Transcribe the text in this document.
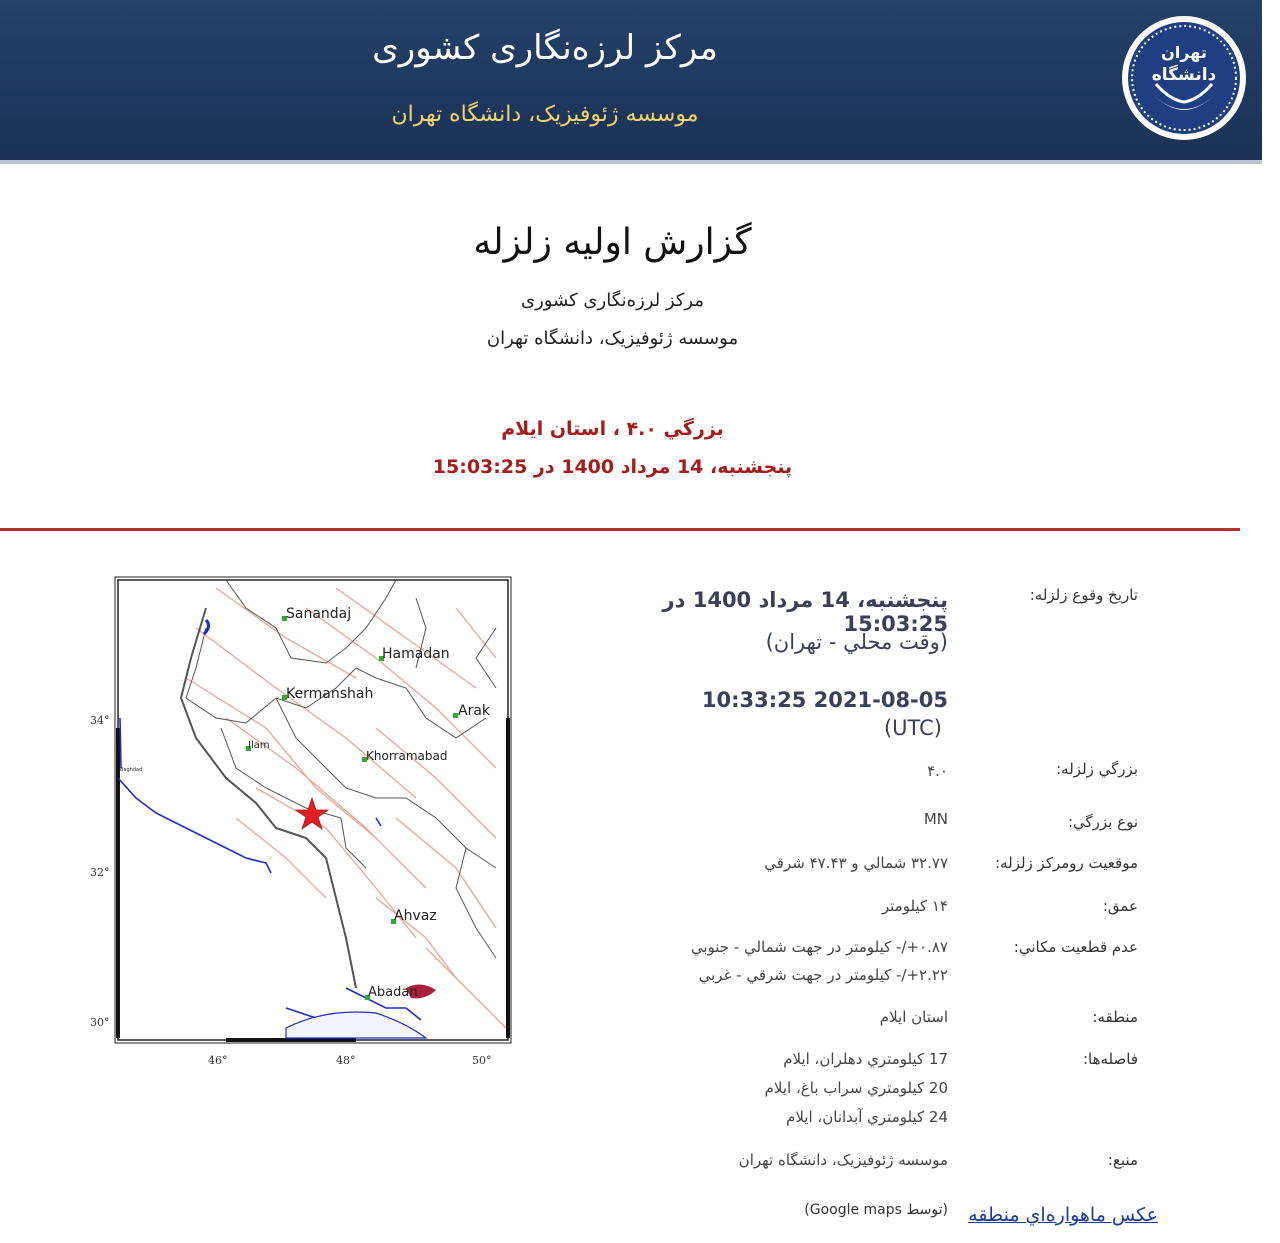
مرکز لرزه‌نگاری کشوری
موسسه ژئوفیزیک، دانشگاه تهران
تهران
دانشگاه
گزارش اولیه زلزله
مرکز لرزه‌نگاری کشوری
موسسه ژئوفیزیک، دانشگاه تهران
بزرگي ۴.۰ ، استان ايلام
پنجشنبه، 14 مرداد 1400 در 15:03:25
Sanandaj
Hamadan
Kermanshah
Arak
Ilam
Khorramabad
Ahvaz
Abadan
Baghdad
34°
32°
30°
46°	48°	50°
تاریخ وقوع زلزله:
پنجشنبه، 14 مرداد 1400 در 15:03:25
(وقت محلي - تهران)
2021-08-05 10:33:25
(UTC)
بزرگي زلزله:
۴.۰
نوع بزرگي:
MN
موقعيت رومرکز زلزله:
۳۲.۷۷ شمالي و ۴۷.۴۳ شرقي
عمق:
۱۴ کيلومتر
عدم قطعيت مکاني:
۰.۸۷+/- کيلومتر در جهت شمالي - جنوبي
۲.۲۲+/- کيلومتر در جهت شرقي - غربي
منطقه:
استان ايلام
فاصله‌ها:
17 کيلومتري دهلران، ايلام
20 کيلومتري سراب باغ، ايلام
24 کيلومتري آبدانان، ايلام
منبع:
موسسه ژئوفيزيک، دانشگاه تهران
عکس ماهواره‌اي منطقه
(توسط Google maps)
